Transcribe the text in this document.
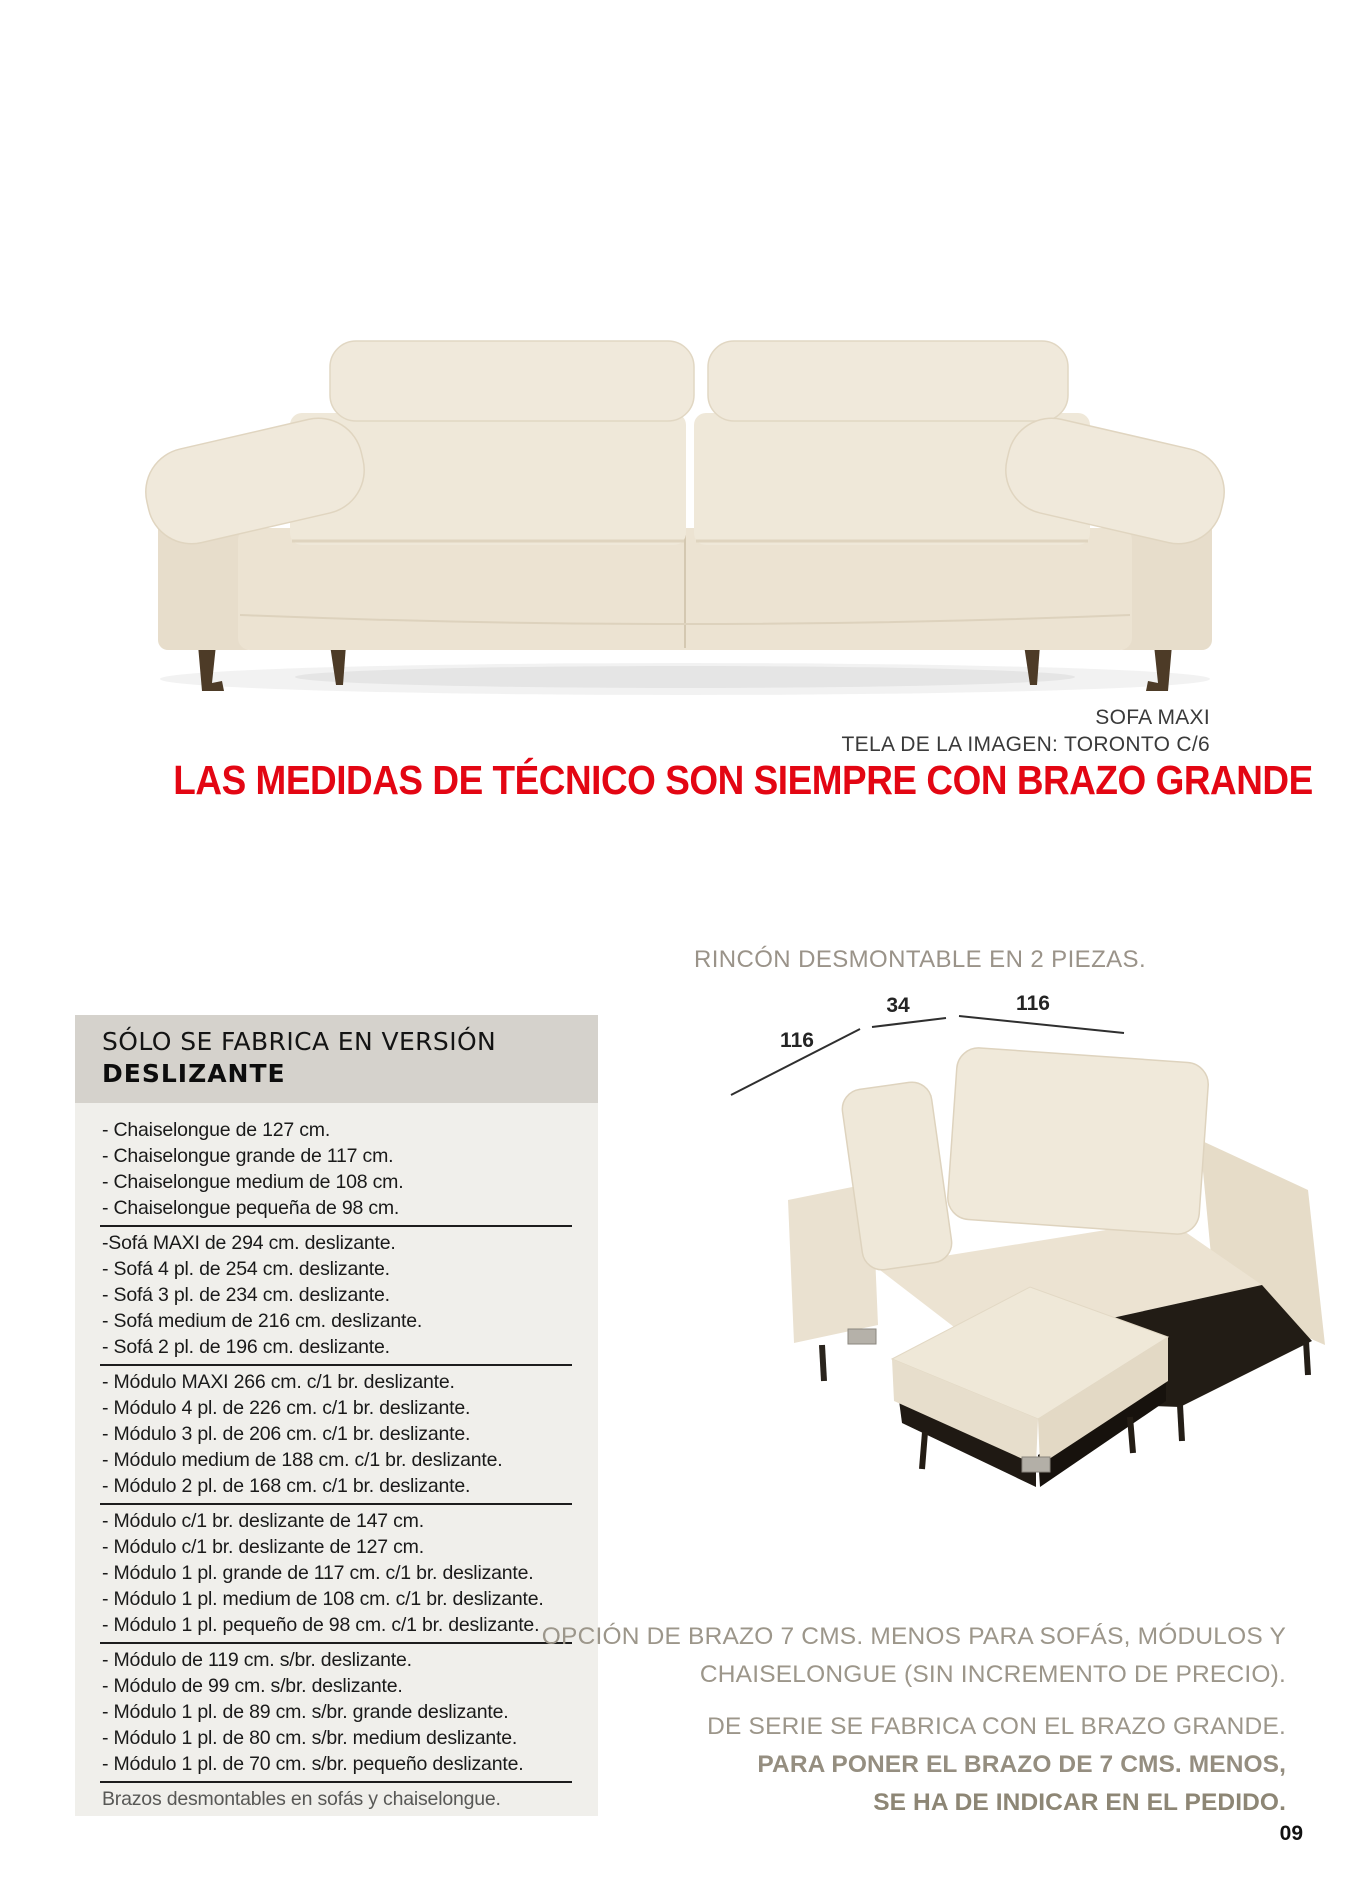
SOFA MAXI
TELA DE LA IMAGEN: TORONTO C/6
LAS MEDIDAS DE TÉCNICO SON SIEMPRE CON BRAZO GRANDE
RINCÓN DESMONTABLE EN 2 PIEZAS.
116
34	116
SÓLO SE FABRICA EN VERSIÓN
DESLIZANTE
- Chaiselongue de 127 cm.
- Chaiselongue grande de 117 cm.
- Chaiselongue medium de 108 cm.
- Chaiselongue pequeña de 98 cm.
-Sofá MAXI de 294 cm. deslizante.
- Sofá 4 pl. de 254 cm. deslizante.
- Sofá 3 pl. de 234 cm. deslizante.
- Sofá medium de 216 cm. deslizante.
- Sofá 2 pl. de 196 cm. deslizante.
- Módulo MAXI 266 cm. c/1 br. deslizante.
- Módulo 4 pl. de 226 cm. c/1 br. deslizante.
- Módulo 3 pl. de 206 cm. c/1 br. deslizante.
- Módulo medium de 188 cm. c/1 br. deslizante.
- Módulo 2 pl. de 168 cm. c/1 br. deslizante.
- Módulo c/1 br. deslizante de 147 cm.
- Módulo c/1 br. deslizante de 127 cm.
- Módulo 1 pl. grande de 117 cm. c/1 br. deslizante.
- Módulo 1 pl. medium de 108 cm. c/1 br. deslizante.
- Módulo 1 pl. pequeño de 98 cm. c/1 br. deslizante.
- Módulo de 119 cm. s/br. deslizante.
- Módulo de 99 cm. s/br. deslizante.
- Módulo 1 pl. de 89 cm. s/br. grande deslizante.
- Módulo 1 pl. de 80 cm. s/br. medium deslizante.
- Módulo 1 pl. de 70 cm. s/br. pequeño deslizante.
Brazos desmontables en sofás y chaiselongue.
OPCIÓN DE BRAZO 7 CMS. MENOS PARA SOFÁS, MÓDULOS Y
CHAISELONGUE (SIN INCREMENTO DE PRECIO).
DE SERIE SE FABRICA CON EL BRAZO GRANDE.
PARA PONER EL BRAZO DE 7 CMS. MENOS,
SE HA DE INDICAR EN EL PEDIDO.
09
